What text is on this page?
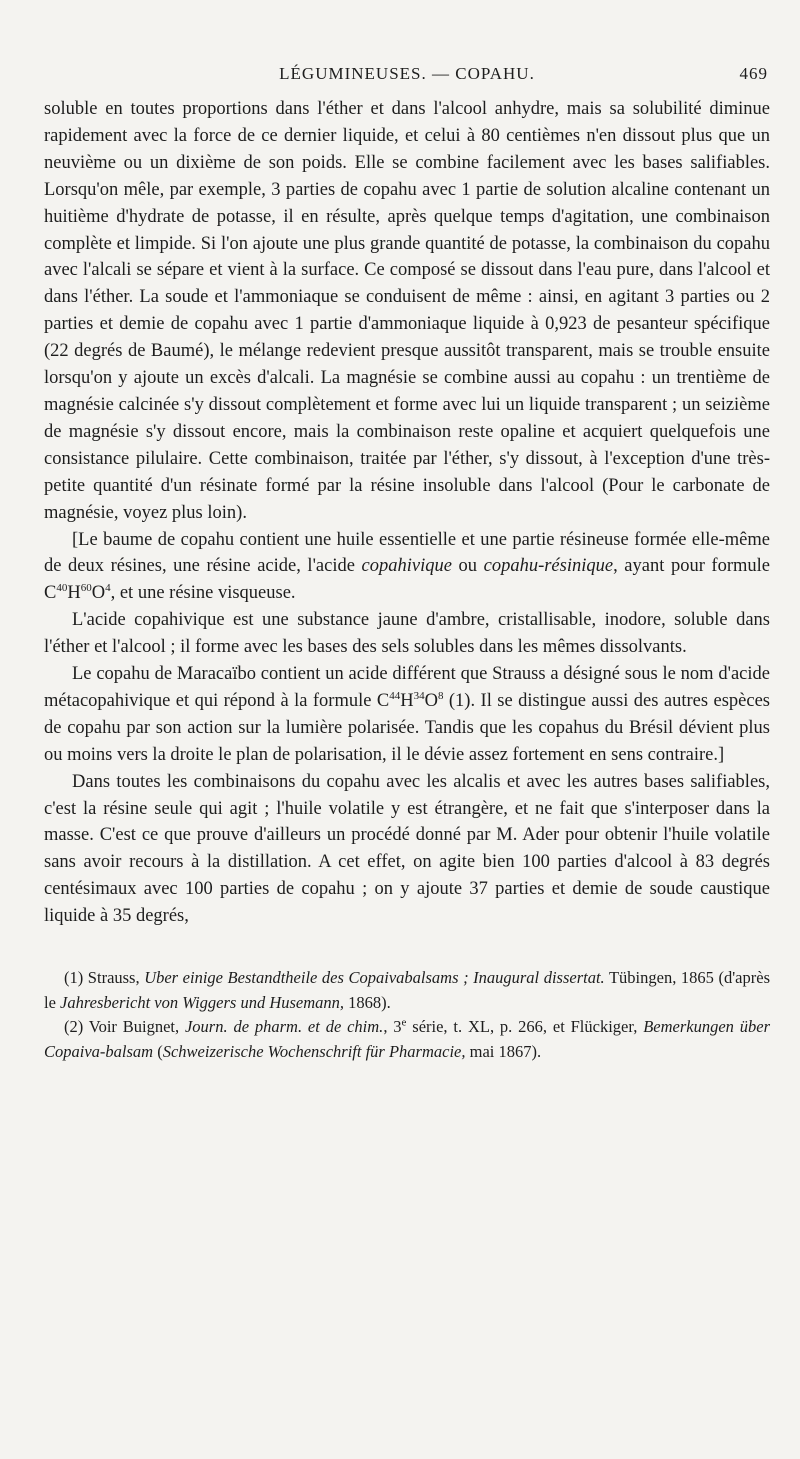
LÉGUMINEUSES. — COPAHU.	469

soluble en toutes proportions dans l'éther et dans l'alcool anhydre, mais sa solubilité diminue rapidement avec la force de ce dernier liquide, et celui à 80 centièmes n'en dissout plus que un neuvième ou un dixième de son poids. Elle se combine facilement avec les bases salifiables. Lorsqu'on mêle, par exemple, 3 parties de copahu avec 1 partie de solution alcaline contenant un huitième d'hydrate de potasse, il en résulte, après quelque temps d'agitation, une combinaison complète et limpide. Si l'on ajoute une plus grande quantité de potasse, la combinaison du copahu avec l'alcali se sépare et vient à la surface. Ce composé se dissout dans l'eau pure, dans l'alcool et dans l'éther. La soude et l'ammoniaque se conduisent de même : ainsi, en agitant 3 parties ou 2 parties et demie de copahu avec 1 partie d'ammoniaque liquide à 0,923 de pesanteur spécifique (22 degrés de Baumé), le mélange redevient presque aussitôt transparent, mais se trouble ensuite lorsqu'on y ajoute un excès d'alcali. La magnésie se combine aussi au copahu : un trentième de magnésie calcinée s'y dissout complètement et forme avec lui un liquide transparent ; un seizième de magnésie s'y dissout encore, mais la combinaison reste opaline et acquiert quelquefois une consistance pilulaire. Cette combinaison, traitée par l'éther, s'y dissout, à l'exception d'une très-petite quantité d'un résinate formé par la résine insoluble dans l'alcool (Pour le carbonate de magnésie, voyez plus loin).

[Le baume de copahu contient une huile essentielle et une partie résineuse formée elle-même de deux résines, une résine acide, l'acide copahivique ou copahu-résinique, ayant pour formule $C^{40}H^{60}O^4$, et une résine visqueuse.

L'acide copahivique est une substance jaune d'ambre, cristallisable, inodore, soluble dans l'éther et l'alcool ; il forme avec les bases des sels solubles dans les mêmes dissolvants.

Le copahu de Maracaïbo contient un acide différent que Strauss a désigné sous le nom d'acide métacopahivique et qui répond à la formule $C^{44}H^{34}O^8$ (1). Il se distingue aussi des autres espèces de copahu par son action sur la lumière polarisée. Tandis que les copahus du Brésil dévient plus ou moins vers la droite le plan de polarisation, il le dévie assez fortement en sens contraire.]

Dans toutes les combinaisons du copahu avec les alcalis et avec les autres bases salifiables, c'est la résine seule qui agit ; l'huile volatile y est étrangère, et ne fait que s'interposer dans la masse. C'est ce que prouve d'ailleurs un procédé donné par M. Ader pour obtenir l'huile volatile sans avoir recours à la distillation. A cet effet, on agite bien 100 parties d'alcool à 83 degrés centésimaux avec 100 parties de copahu ; on y ajoute 37 parties et demie de soude caustique liquide à 35 degrés,

(1) Strauss, Uber einige Bestandtheile des Copaivabalsams ; Inaugural dissertat. Tübingen, 1865 (d'après le Jahresbericht von Wiggers und Husemann, 1868).

(2) Voir Buignet, Journ. de pharm. et de chim., 3e série, t. XL, p. 266, et Flückiger, Bemerkungen über Copaiva-balsam (Schweizerische Wochenschrift für Pharmacie, mai 1867).
